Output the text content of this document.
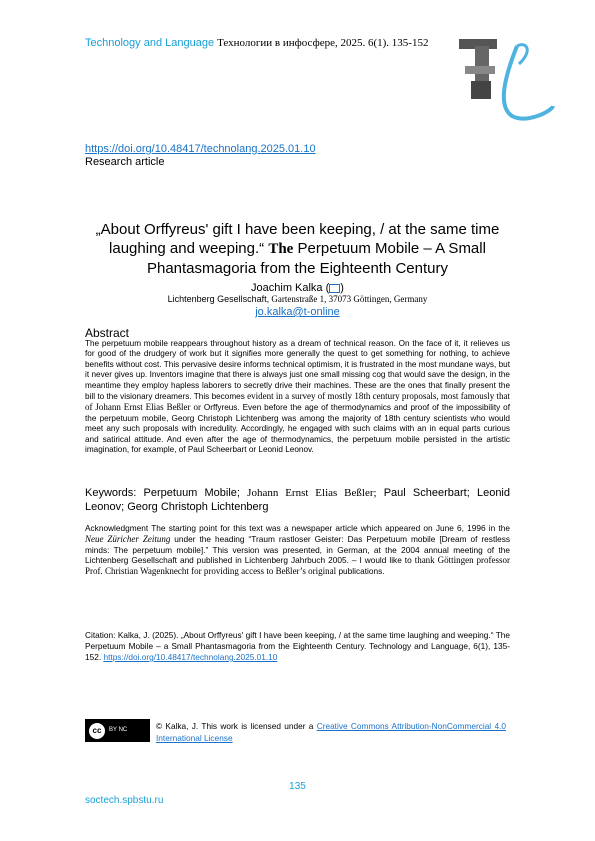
Technology and Language Технологии в инфосфере, 2025. 6(1). 135-152
https://doi.org/10.48417/technolang.2025.01.10
Research article
„About Orffyreus' gift I have been keeping, / at the same time laughing and weeping.“ The Perpetuum Mobile – A Small Phantasmagoria from the Eighteenth Century
Joachim Kalka ( )
Lichtenberg Gesellschaft, Gartenstraße 1, 37073 Göttingen, Germany
jo.kalka@t-online
Abstract
The perpetuum mobile reappears throughout history as a dream of technical reason. On the face of it, it relieves us for good of the drudgery of work but it signifies more generally the quest to get something for nothing, to achieve benefits without cost. This pervasive desire informs technical optimism, it is frustrated in the most mundane ways, but it never gives up. Inventors imagine that there is always just one small missing cog that would save the design, in the meantime they employ hapless laborers to secretly drive their machines. These are the ones that finally present the bill to the visionary dreamers. This becomes evident in a survey of mostly 18th century proposals, most famously that of Johann Ernst Elias Beßler or Orffyreus. Even before the age of thermodynamics and proof of the impossibility of the perpetuum mobile, Georg Christoph Lichtenberg was among the majority of 18th century scientists who would meet any such proposals with incredulity. Accordingly, he engaged with such claims with an in equal parts curious and satirical attitude. And even after the age of thermodynamics, the perpetuum mobile persisted in the artistic imagination, for example, of Paul Scheerbart or Leonid Leonov.
Keywords: Perpetuum Mobile; Johann Ernst Elias Beßler; Paul Scheerbart; Leonid Leonov; Georg Christoph Lichtenberg
Acknowledgment The starting point for this text was a newspaper article which appeared on June 6, 1996 in the Neue Züricher Zeitung under the heading “Traum rastloser Geister: Das Perpetuum mobile [Dream of restless minds: The perpetuum mobile].” This version was presented, in German, at the 2004 annual meeting of the Lichtenberg Gesellschaft and published in Lichtenberg Jahrbuch 2005. – I would like to thank Göttingen professor Prof. Christian Wagenknecht for providing access to Beßler’s original publications.
Citation: Kalka, J. (2025). „About Orffyreus' gift I have been keeping, / at the same time laughing and weeping.“ The Perpetuum Mobile – a Small Phantasmagoria from the Eighteenth Century. Technology and Language, 6(1), 135-152. https://doi.org/10.48417/technolang.2025.01.10
cc	BY NC	© Kalka, J. This work is licensed under a Creative Commons Attribution-NonCommercial 4.0 International License
135
soctech.spbstu.ru
